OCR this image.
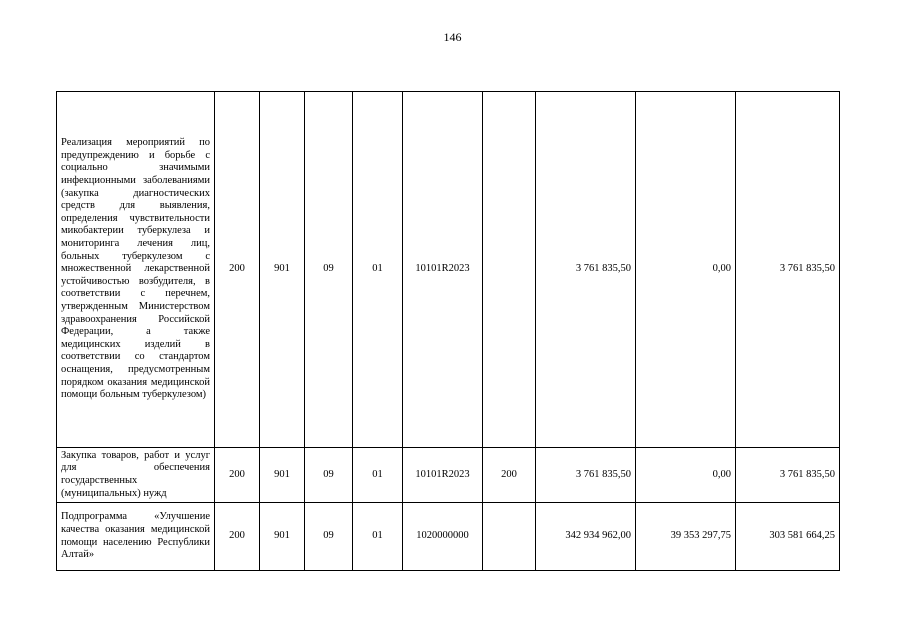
146
Реализация мероприятий по предупреждению и борьбе с социально значимыми инфекционными заболеваниями (закупка диагностических средств для выявления, определения чувствительности микобактерии туберкулеза и мониторинга лечения лиц, больных туберкулезом с множественной лекарственной устойчивостью возбудителя, в соответствии с перечнем, утвержденным Министерством здравоохранения Российской Федерации, а также медицинских изделий в соответствии со стандартом оснащения, предусмотренным порядком оказания медицинской помощи больным туберкулезом)	200	901	09	01	10101R2023		3 761 835,50	0,00	3 761 835,50
Закупка товаров, работ и услуг для обеспечения государственных (муниципальных) нужд	200	901	09	01	10101R2023	200	3 761 835,50	0,00	3 761 835,50
Подпрограмма «Улучшение качества оказания медицинской помощи населению Республики Алтай»	200	901	09	01	1020000000		342 934 962,00	39 353 297,75	303 581 664,25
